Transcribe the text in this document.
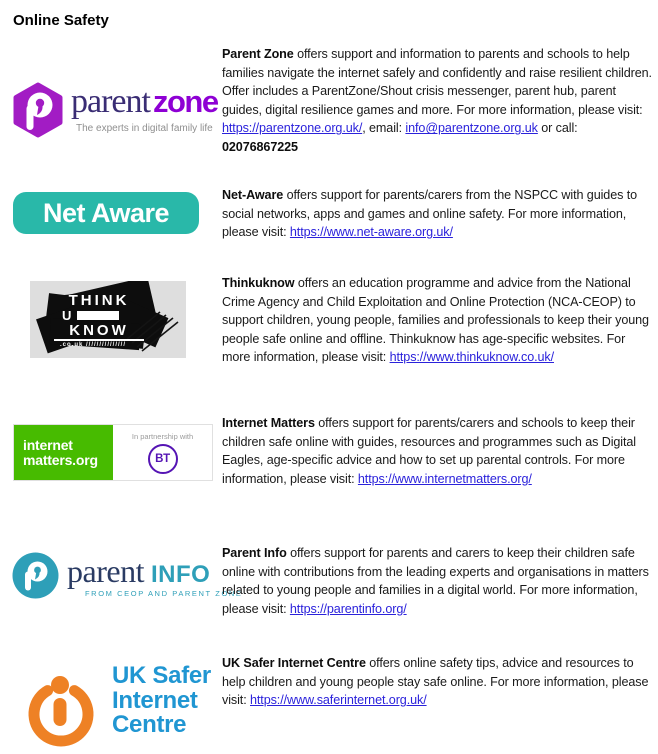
Online Safety
parent zone
The experts in digital family life

Parent Zone offers support and information to parents and schools to help families navigate the internet safely and confidently and raise resilient children. Offer includes a ParentZone/Shout crisis messenger, parent hub, parent guides, digital resilience games and more. For more information, please visit: https://parentzone.org.uk/, email: info@parentzone.org.uk or call: 02076867225

Net Aware

Net-Aware offers support for parents/carers from the NSPCC with guides to social networks, apps and games and online safety. For more information, please visit: https://www.net-aware.org.uk/

THINK
U
KNOW
.co.uk ///////////////

Thinkuknow offers an education programme and advice from the National Crime Agency and Child Exploitation and Online Protection (NCA-CEOP) to support children, young people, families and professionals to keep their young people safe online and offline. Thinkuknow has age-specific websites. For more information, please visit: https://www.thinkuknow.co.uk/

internet
matters.org
In partnership with
BT

Internet Matters offers support for parents/carers and schools to keep their children safe online with guides, resources and programmes such as Digital Eagles, age-specific advice and how to set up parental controls. For more information, please visit: https://www.internetmatters.org/

parent INFO
FROM CEOP AND PARENT ZONE

Parent Info offers support for parents and carers to keep their children safe online with contributions from the leading experts and organisations in matters related to young people and families in a digital world. For more information, please visit: https://parentinfo.org/

UK Safer
Internet
Centre

UK Safer Internet Centre offers online safety tips, advice and resources to help children and young people stay safe online. For more information, please visit: https://www.saferinternet.org.uk/
